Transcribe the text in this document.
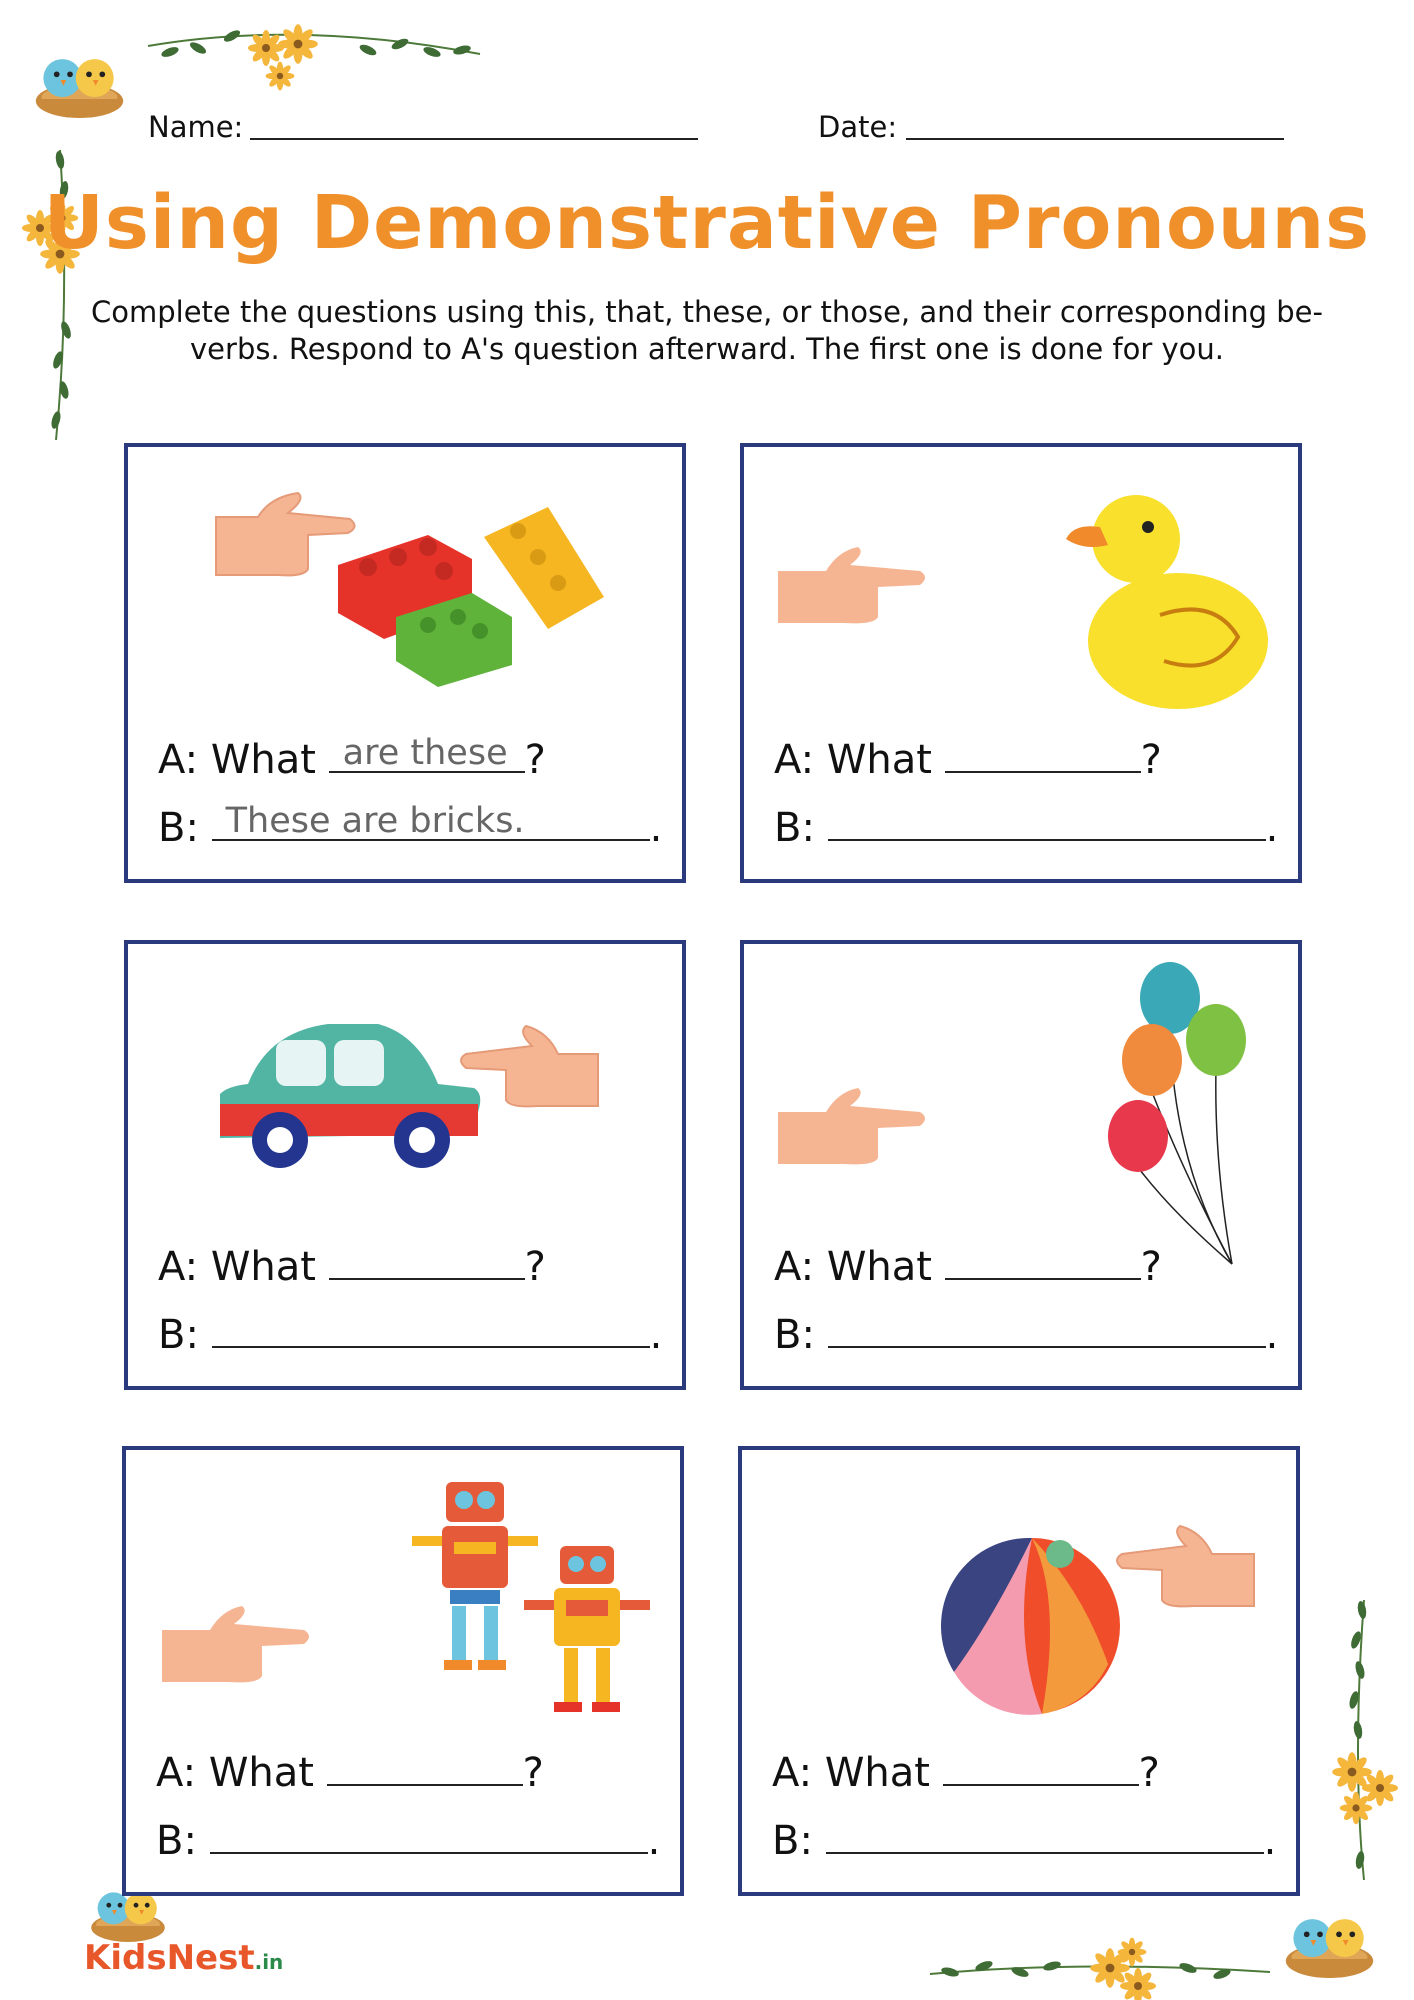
Name:	Date:
Using Demonstrative Pronouns
Complete the questions using this, that, these, or those, and their corresponding be-verbs. Respond to A's question afterward. The first one is done for you.
A: What are these ?
B: These are bricks.	.
A: What	?
B:	.
A: What	?
B:	.
A: What	?
B:	.
A: What	?
B:	.
A: What	?
B:	.
KidsNest.in
